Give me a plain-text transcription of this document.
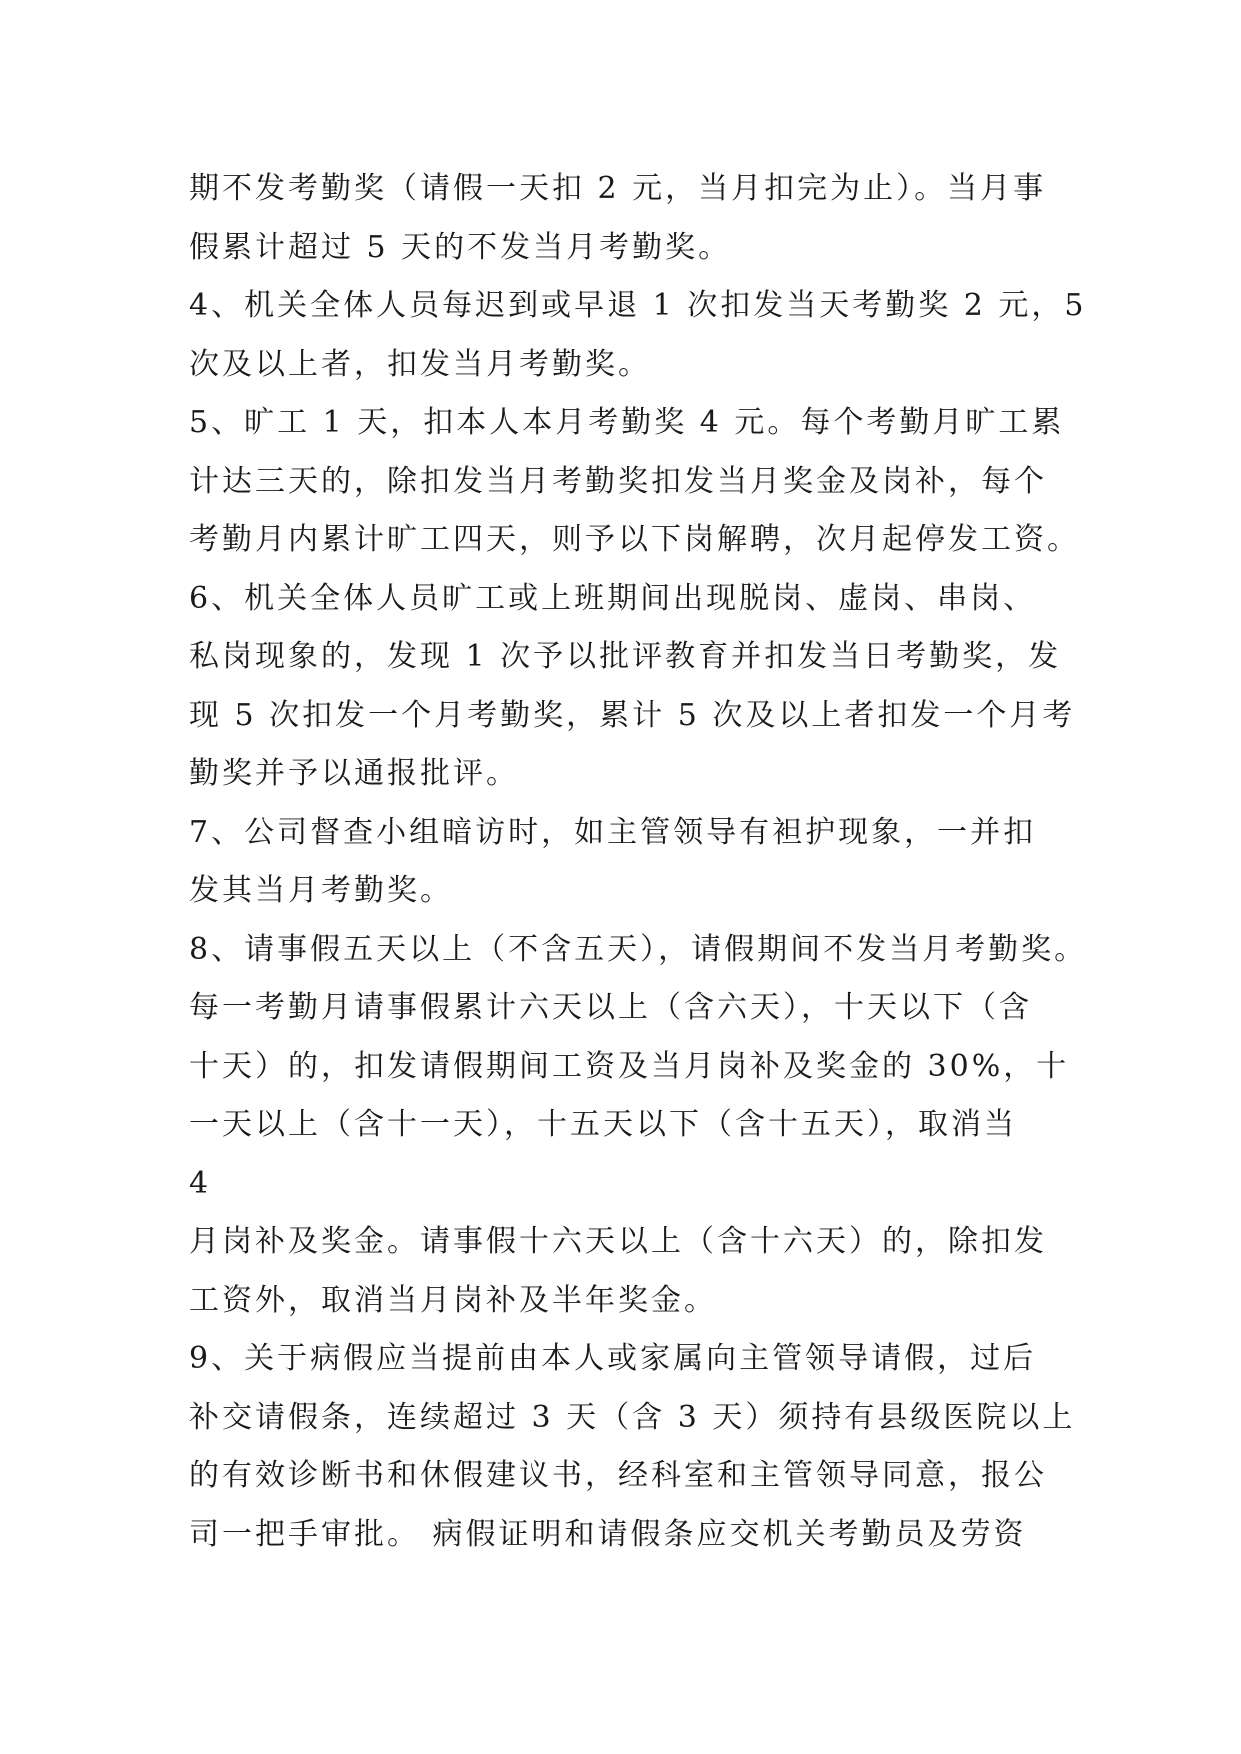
期不发考勤奖（请假一天扣 2 元，当月扣完为止）。当月事
假累计超过 5 天的不发当月考勤奖。
4、机关全体人员每迟到或早退 1 次扣发当天考勤奖 2 元，5
次及以上者，扣发当月考勤奖。
5、旷工 1 天，扣本人本月考勤奖 4 元。每个考勤月旷工累
计达三天的，除扣发当月考勤奖扣发当月奖金及岗补，每个
考勤月内累计旷工四天，则予以下岗解聘，次月起停发工资。
6、机关全体人员旷工或上班期间出现脱岗、虚岗、串岗、
私岗现象的，发现 1 次予以批评教育并扣发当日考勤奖，发
现 5 次扣发一个月考勤奖，累计 5 次及以上者扣发一个月考
勤奖并予以通报批评。
7、公司督查小组暗访时，如主管领导有袒护现象，一并扣
发其当月考勤奖。
8、请事假五天以上（不含五天），请假期间不发当月考勤奖。
每一考勤月请事假累计六天以上（含六天），十天以下（含
十天）的，扣发请假期间工资及当月岗补及奖金的 30%，十
一天以上（含十一天），十五天以下（含十五天），取消当
4
月岗补及奖金。请事假十六天以上（含十六天）的，除扣发
工资外，取消当月岗补及半年奖金。
9、关于病假应当提前由本人或家属向主管领导请假，过后
补交请假条，连续超过 3 天（含 3 天）须持有县级医院以上
的有效诊断书和休假建议书，经科室和主管领导同意，报公
司一把手审批。 病假证明和请假条应交机关考勤员及劳资
